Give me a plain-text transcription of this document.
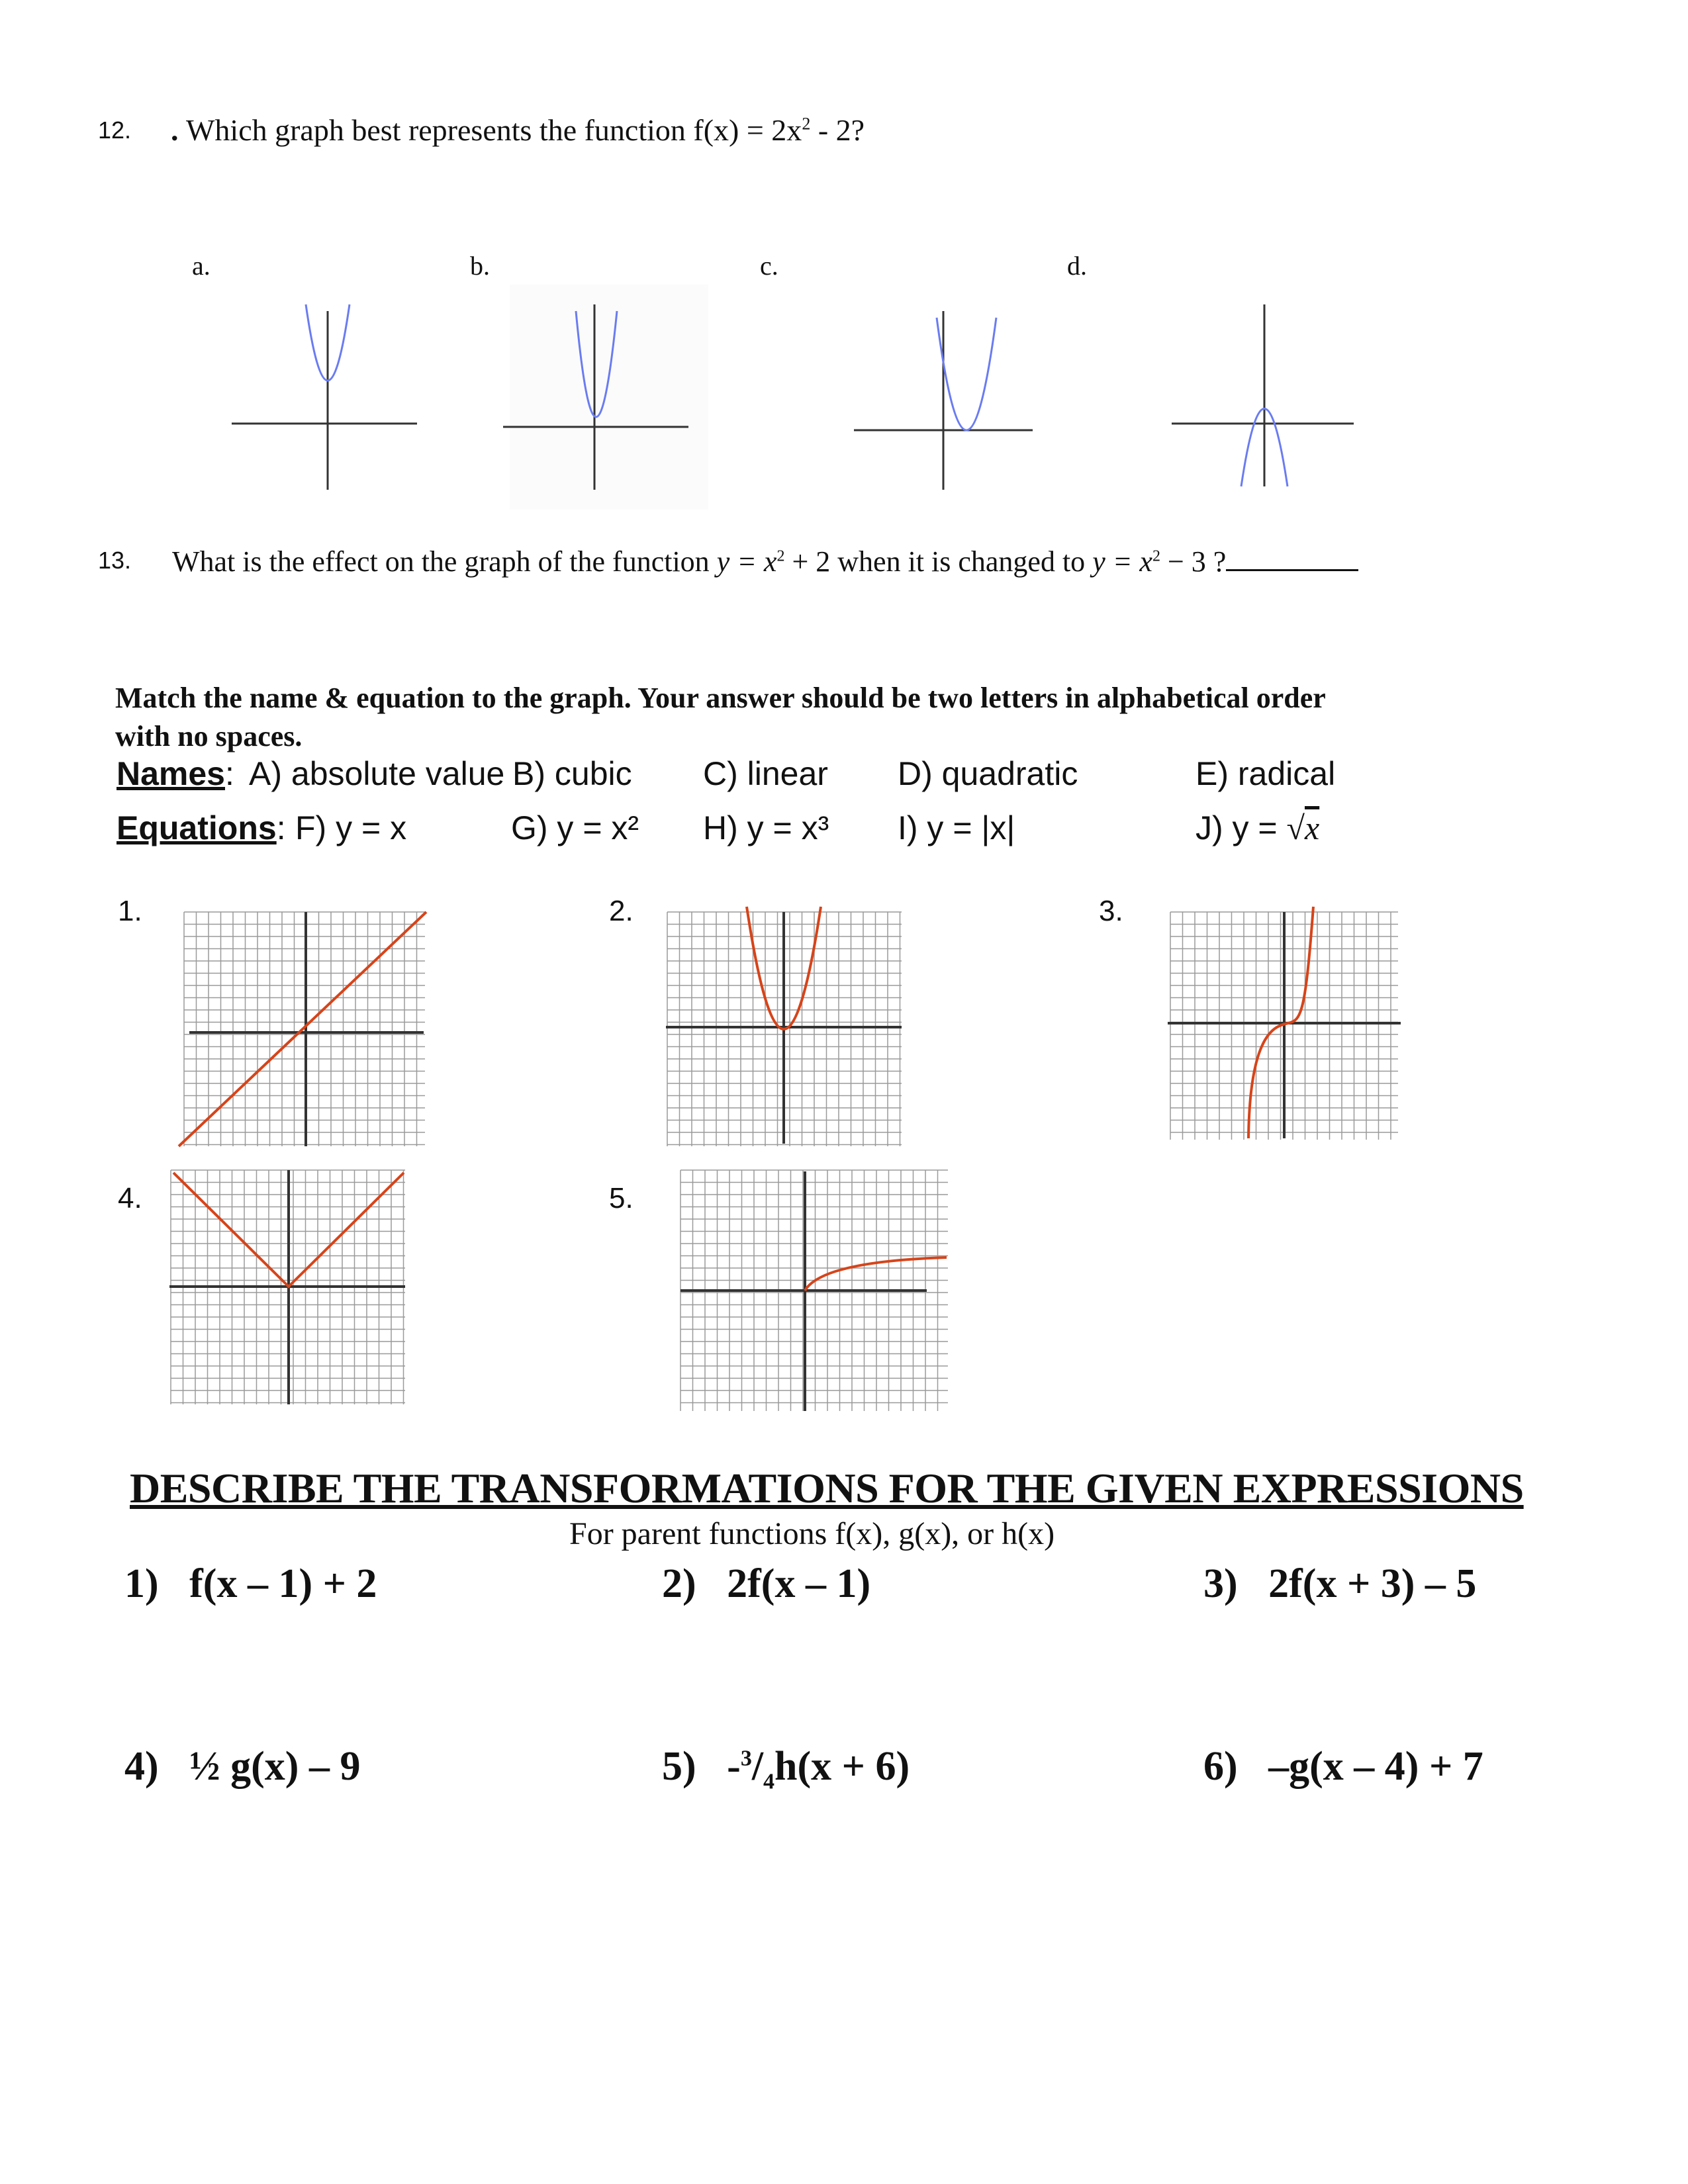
12. . Which graph best represents the function $f(x) = 2x^2 - 2$?
a.	b.	c.	d.
13. What is the effect on the graph of the function $y = x^2 + 2$ when it is changed to $y = x^2 - 3$ ?
Match the name & equation to the graph. Your answer should be two letters in alphabetical order
with no spaces.
Names: A) absolute value B) cubic C) linear D) quadratic	E) radical
Equations: F) y = x	G) y = x² H) y = x³ I) y = |x|	J) y = √x
1.	2.	3.
4.	5.
DESCRIBE THE TRANSFORMATIONS FOR THE GIVEN EXPRESSIONS
For parent functions f(x), g(x), or h(x)
1) f(x – 1) + 2	2) 2f(x – 1)	3) 2f(x + 3) – 5
4) ½ g(x) – 9	5) $-^3/_4h(x + 6)$	6) –g(x – 4) + 7
